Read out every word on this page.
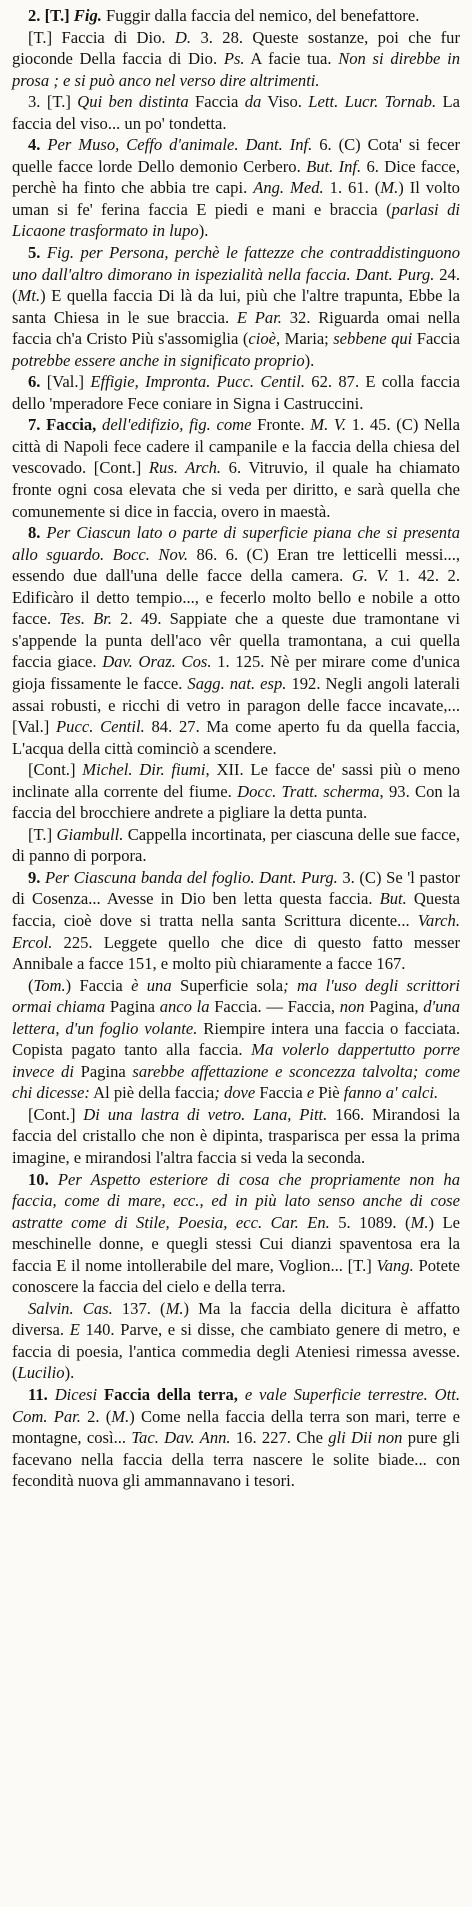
2. [T.] Fig. Fuggir dalla faccia del nemico, del benefattore.

[T.] Faccia di Dio. D. 3. 28. Queste sostanze, poi che fur gioconde Della faccia di Dio. Ps. A facie tua. Non si direbbe in prosa ; e si può anco nel verso dire altrimenti.

3. [T.] Qui ben distinta Faccia da Viso. Lett. Lucr. Tornab. La faccia del viso... un po' tondetta.

4. Per Muso, Ceffo d'animale. Dant. Inf. 6. (C) Cota' si fecer quelle facce lorde Dello demonio Cerbero. But. Inf. 6. Dice facce, perchè ha finto che abbia tre capi. Ang. Med. 1. 61. (M.) Il volto uman si fe' ferina faccia E piedi e mani e braccia (parlasi di Licaone trasformato in lupo).

5. Fig. per Persona, perchè le fattezze che contraddistinguono uno dall'altro dimorano in ispezialità nella faccia. Dant. Purg. 24. (Mt.) E quella faccia Di là da lui, più che l'altre trapunta, Ebbe la santa Chiesa in le sue braccia. E Par. 32. Riguarda omai nella faccia ch'a Cristo Più s'assomiglia (cioè, Maria; sebbene qui Faccia potrebbe essere anche in significato proprio).

6. [Val.] Effigie, Impronta. Pucc. Centil. 62. 87. E colla faccia dello 'mperadore Fece coniare in Signa i Castruccini.

7. Faccia, dell'edifizio, fig. come Fronte. M. V. 1. 45. (C) Nella città di Napoli fece cadere il campanile e la faccia della chiesa del vescovado. [Cont.] Rus. Arch. 6. Vitruvio, il quale ha chiamato fronte ogni cosa elevata che si veda per diritto, e sarà quella che comunemente si dice in faccia, overo in maestà.

8. Per Ciascun lato o parte di superficie piana che si presenta allo sguardo. Bocc. Nov. 86. 6. (C) Eran tre letticelli messi..., essendo due dall'una delle facce della camera. G. V. 1. 42. 2. Edificàro il detto tempio..., e fecerlo molto bello e nobile a otto facce. Tes. Br. 2. 49. Sappiate che a queste due tramontane vi s'appende la punta dell'aco vêr quella tramontana, a cui quella faccia giace. Dav. Oraz. Cos. 1. 125. Nè per mirare come d'unica gioja fissamente le facce. Sagg. nat. esp. 192. Negli angoli laterali assai robusti, e ricchi di vetro in paragon delle facce incavate,... [Val.] Pucc. Centil. 84. 27. Ma come aperto fu da quella faccia, L'acqua della città cominciò a scendere.

[Cont.] Michel. Dir. fiumi, XII. Le facce de' sassi più o meno inclinate alla corrente del fiume. Docc. Tratt. scherma, 93. Con la faccia del brocchiere andrete a pigliare la detta punta.

[T.] Giambull. Cappella incortinata, per ciascuna delle sue facce, di panno di porpora.

9. Per Ciascuna banda del foglio. Dant. Purg. 3. (C) Se 'l pastor di Cosenza... Avesse in Dio ben letta questa faccia. But. Questa faccia, cioè dove si tratta nella santa Scrittura dicente... Varch. Ercol. 225. Leggete quello che dice di questo fatto messer Annibale a facce 151, e molto più chiaramente a facce 167.

(Tom.) Faccia è una Superficie sola; ma l'uso degli scrittori ormai chiama Pagina anco la Faccia. — Faccia, non Pagina, d'una lettera, d'un foglio volante. Riempire intera una faccia o facciata. Copista pagato tanto alla faccia. Ma volerlo dappertutto porre invece di Pagina sarebbe affettazione e sconcezza talvolta; come chi dicesse: Al piè della faccia; dove Faccia e Piè fanno a' calci.

[Cont.] Di una lastra di vetro. Lana, Pitt. 166. Mirandosi la faccia del cristallo che non è dipinta, trasparisca per essa la prima imagine, e mirandosi l'altra faccia si veda la seconda.

10. Per Aspetto esteriore di cosa che propriamente non ha faccia, come di mare, ecc., ed in più lato senso anche di cose astratte come di Stile, Poesia, ecc. Car. En. 5. 1089. (M.) Le meschinelle donne, e quegli stessi Cui dianzi spaventosa era la faccia E il nome intollerabile del mare, Voglion... [T.] Vang. Potete conoscere la faccia del cielo e della terra.

Salvin. Cas. 137. (M.) Ma la faccia della dicitura è affatto diversa. E 140. Parve, e si disse, che cambiato genere di metro, e faccia di poesia, l'antica commedia degli Ateniesi rimessa avesse. (Lucilio).

11. Dicesi Faccia della terra, e vale Superficie terrestre. Ott. Com. Par. 2. (M.) Come nella faccia della terra son mari, terre e montagne, così... Tac. Dav. Ann. 16. 227. Che gli Dii non pure gli facevano nella faccia della terra nascere le solite biade... con fecondità nuova gli ammannavano i tesori.
